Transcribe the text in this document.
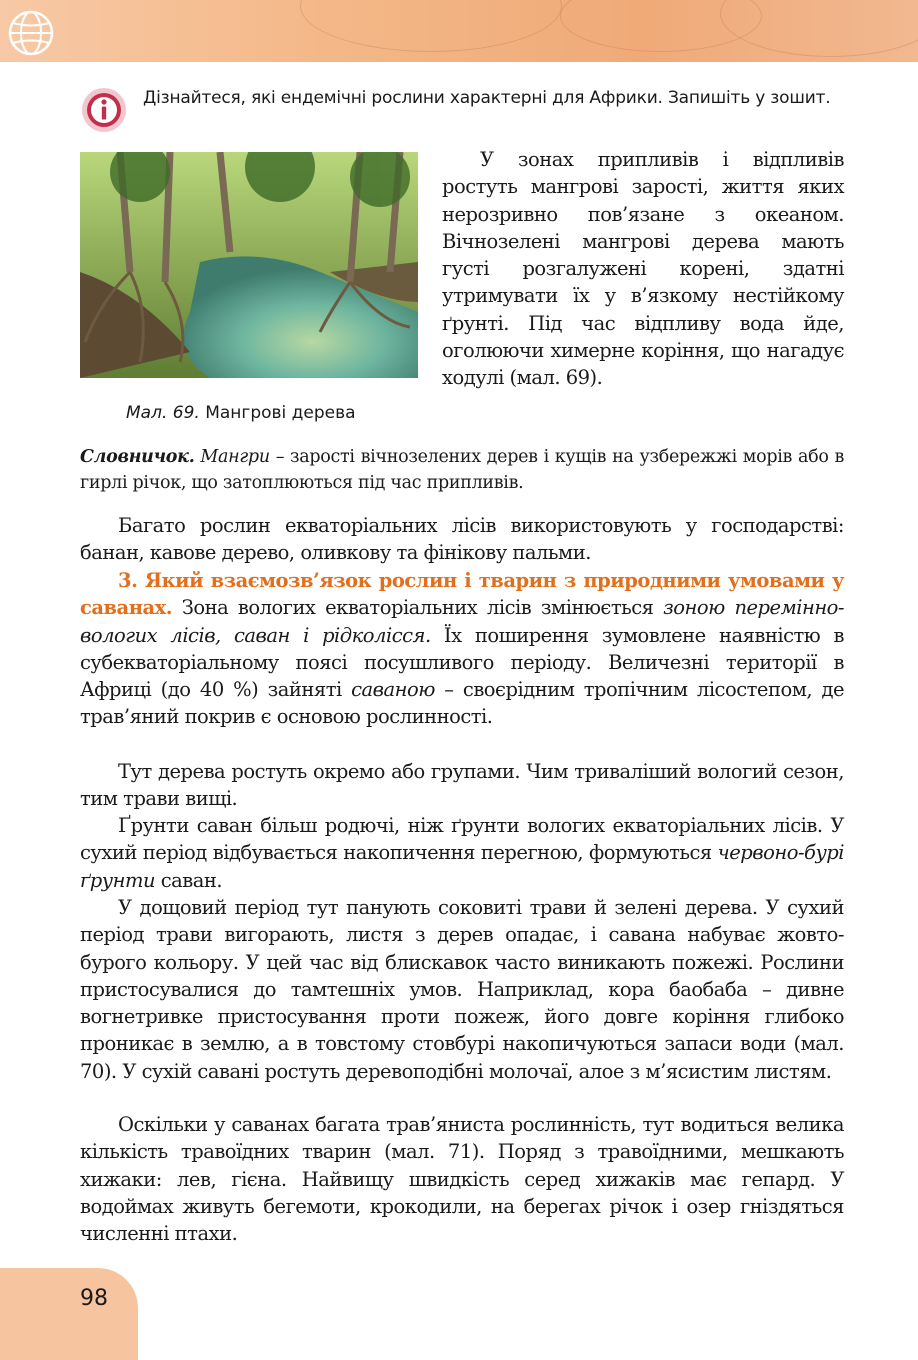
Дізнайтеся, які ендемічні рослини характерні для Африки. Запишіть у зошит.
Мал. 69. Мангрові дерева
У зонах припливів і відпливів ростуть мангрові зарості, життя яких нерозривно пов’язане з океаном. Вічнозелені мангрові дерева мають густі розгалужені корені, здатні утримувати їх у в’язкому нестійкому ґрунті. Під час відпливу вода йде, оголюючи химерне коріння, що нагадує ходулі (мал. 69).
Словничок. Мангри – зарості вічнозелених дерев і кущів на узбережжі морів або в гирлі річок, що затоплюються під час припливів.

Багато рослин екваторіальних лісів використовують у господарстві: банан, кавове дерево, оливкову та фінікову пальми.

3. Який взаємозв’язок рослин і тварин з природними умовами у саванах. Зона вологих екваторіальних лісів змінюється зоною перемінно-вологих лісів, саван і рідколісся. Їх поширення зумовлене наявністю в субекваторіальному поясі посушливого періоду. Величезні території в Африці (до 40 %) зайняті саваною – своєрідним тропічним лісостепом, де трав’яний покрив є основою рослинності.

Тут дерева ростуть окремо або групами. Чим триваліший вологий сезон, тим трави вищі.

Ґрунти саван більш родючі, ніж ґрунти вологих екваторіальних лісів. У сухий період відбувається накопичення перегною, формуються червоно-бурі ґрунти саван.

У дощовий період тут панують соковиті трави й зелені дерева. У сухий період трави вигорають, листя з дерев опадає, і савана набуває жовто-бурого кольору. У цей час від блискавок часто виникають пожежі. Рослини пристосувалися до тамтешніх умов. Наприклад, кора баобаба – дивне вогнетривке пристосування проти пожеж, його довге коріння глибоко проникає в землю, а в товстому стовбурі накопичуються запаси води (мал. 70). У сухій савані ростуть деревоподібні молочаї, алое з м’ясистим листям.

Оскільки у саванах багата трав’яниста рослинність, тут водиться велика кількість травоїдних тварин (мал. 71). Поряд з травоїдними, мешкають хижаки: лев, гієна. Найвищу швидкість серед хижаків має гепард. У водоймах живуть бегемоти, крокодили, на берегах річок і озер гніздяться численні птахи.

98
